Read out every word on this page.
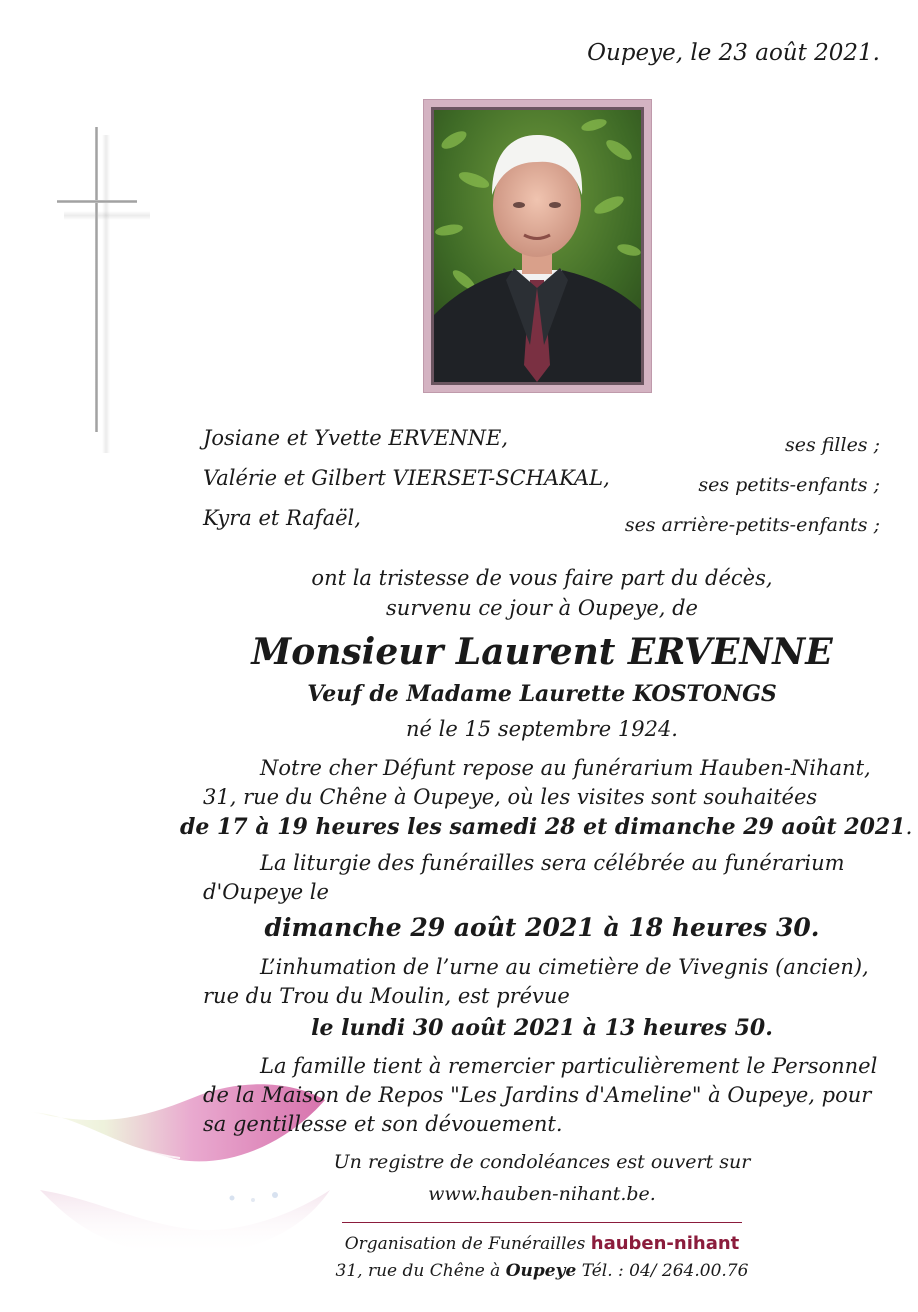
Oupeye, le 23 août 2021.
Josiane et Yvette ERVENNE,
Valérie et Gilbert VIERSET-SCHAKAL,
Kyra et Rafaël,
ses filles ;
ses petits-enfants ;
ses arrière-petits-enfants ;
ont la tristesse de vous faire part du décès,
survenu ce jour à Oupeye, de
Monsieur Laurent ERVENNE
Veuf de Madame Laurette KOSTONGS
né le 15 septembre 1924.
Notre cher Défunt repose au funérarium Hauben-Nihant,
31, rue du Chêne à Oupeye, où les visites sont souhaitées
de 17 à 19 heures les samedi 28 et dimanche 29 août 2021.
La liturgie des funérailles sera célébrée au funérarium
d'Oupeye le
dimanche 29 août 2021 à 18 heures 30.
L’inhumation de l’urne au cimetière de Vivegnis (ancien),
rue du Trou du Moulin, est prévue
le lundi 30 août 2021 à 13 heures 50.
La famille tient à remercier particulièrement le Personnel
de la Maison de Repos "Les Jardins d'Ameline" à Oupeye, pour sa gentillesse et son dévouement.
Un registre de condoléances est ouvert sur
www.hauben-nihant.be.
Organisation de Funérailles hauben-nihant
31, rue du Chêne à Oupeye Tél. : 04/ 264.00.76
